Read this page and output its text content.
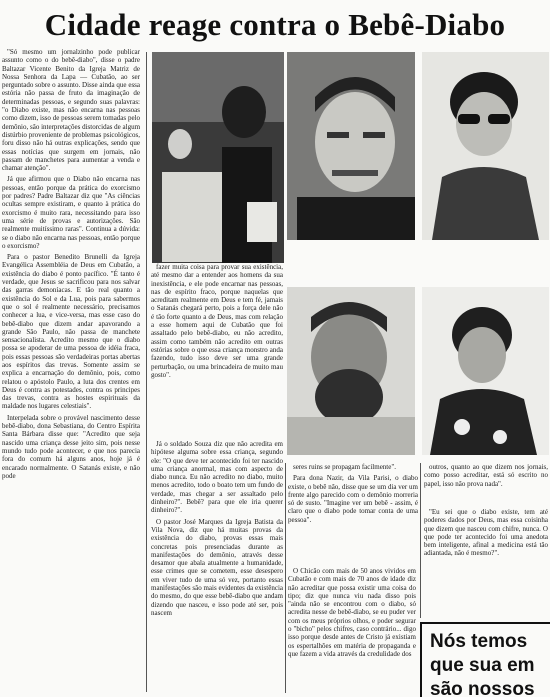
Cidade reage contra o Bebê-Diabo

"Só mesmo um jornalzinho pode publicar assunto como o do bebê-diabo", disse o padre Baltazar Vicente Benito da Igreja Matriz de Nossa Senhora da Lapa — Cubatão, ao ser perguntado sobre o assunto. Disse ainda que essa estória não passa de fruto da imaginação de determinadas pessoas, e segundo suas palavras: "o Diabo existe, mas não encarna nas pessoas como dizem, isso de pessoas serem tomadas pelo demônio, são interpretações distorcidas de algum distúrbio proveniente de problemas psicológicos, foru disso não há outras explicações, sendo que essas notícias que surgem em jornais, não passam de manchetes para aumentar a venda e chamar atenção".

Já que afirmou que o Diabo não encarna nas pessoas, então porque da prática do exorcismo por padres? Padre Baltazar diz que "As ciências ocultas sempre existiram, e quanto à prática do exorcismo é muito rara, necessitando para isso uma série de provas e autorizações. São realmente muitíssimo raras". Continua a dúvida: se o diabo não encarna nas pessoas, então porque o exorcismo?

Para o pastor Benedito Brunelli da Igreja Evangélica Assembléia de Deus em Cubatão, a existência do diabo é ponto pacífico. "É tanto é verdade, que Jesus se sacrificou para nos salvar das garras demoníacas. E tão real quanto a existência do Sol e da Lua, pois para sabermos que o sol é realmente necessário, precisamos conhecer a lua, e vice-versa, mas esse caso do bebê-diabo que dizem andar apavorando a grande São Paulo, não passa de manchete sensacionalista. Acredito mesmo que o diabo possa se apoderar de uma pessoa de idéia fraca, pois essas pessoas são verdadeiras portas abertas aos espíritos das trevas. Somente assim se explica a encarnação do demônio, pois, como relatou o apóstolo Paulo, a luta dos crentes em Deus é contra as potestades, contra os principes das trevas, contra as hostes espirituais da maldade nos lugares celestiais".

Interpelada sobre o provável nascimento desse bebê-diabo, dona Sebastiana, do Centro Espírita Santa Bárbara disse que: "Acredito que seja nascido uma criança desse jeito sim, pois nesse mundo tudo pode acontecer, e que nos parecia fora do comum há alguns anos, hoje já é encarado normalmente. O Satanás existe, e não pode

fazer muita coisa para provar sua existência, até mesmo dar a entender aos homens da sua inexistência, e ele pode encarnar nas pessoas, nas de espírito fraco, porque naquelas que acreditam realmente em Deus e tem fé, jamais o Satanás chegará perto, pois a força dele não é tão forte quanto a de Deus, mas com relação a esse homem aqui de Cubatão que foi assaltado pelo bebê-diabo, eu não acredito, assim como também não acredito em outras estórias sobre o que essa criança monstro anda fazendo, tudo isso deve ser uma grande perturbação, ou uma brincadeira de muito mau gosto".

Já o soldado Souza diz que não acredita em hipótese alguma sobre essa criança, segundo ele: "O que deve ter acontecido foi ter nascido uma criança anormal, mas com aspecto de diabo nunca. Eu não acredito no diabo, muito menos acredito, todo o boato tem um fundo de verdade, mas chegar a ser assaltado pelo dinheiro?". Bebê? para que ele iria querer dinheiro?".

O pastor José Marques da Igreja Batista da Vila Nova, diz que há muitas provas da existência do diabo, provas essas mais concretas pois presenciadas durante as manifestações do demônio, através desse desamor que abala atualmente a humanidade, esse crimes que se cometem, esse desespero em viver tudo de uma só vez, portanto essas manifestações são mais evidentes da existência do mesmo, do que esse bebê-diabo que andam dizendo que nasceu, e isso pode até ser, pois nascem

seres ruins se propagam facilmente".

Para dona Nazir, da Vila Parisi, o diabo existe, o bebê não, disse que se um dia ver um frente algo parecido com o demônio morreria só de susto. "Imagine ver um bebê - assim, é claro que o diabo pode tomar conta de uma pessoa".

O Chicão com mais de 50 anos vividos em Cubatão e com mais de 70 anos de idade diz não acreditar que possa existir uma coisa do tipo; diz que nunca viu nada disso pois "ainda não se encontrou com o diabo, só acredita nesse de bebê-diabo, se eu puder ver com os meus próprios olhos, e poder segurar o "bicho" pelos chifres, caso contrário... digo isso porque desde antes de Cristo já existiam os espertalhões em matéria de propaganda e que fazem a vida através da credulidade dos

outros, quanto ao que dizem nos jornais, como posso acreditar, está só escrito no papel, isso não prova nada".

"Eu sei que o diabo existe, tem até poderes dados por Deus, mas essa coisinha que dizem que nasceu com chifre, nunca. O que pode ter acontecido foi uma anedota bem inteligente, afinal a medicina está tão adiantada, não é mesmo?".

Nós temos
que sua em
são nossos
